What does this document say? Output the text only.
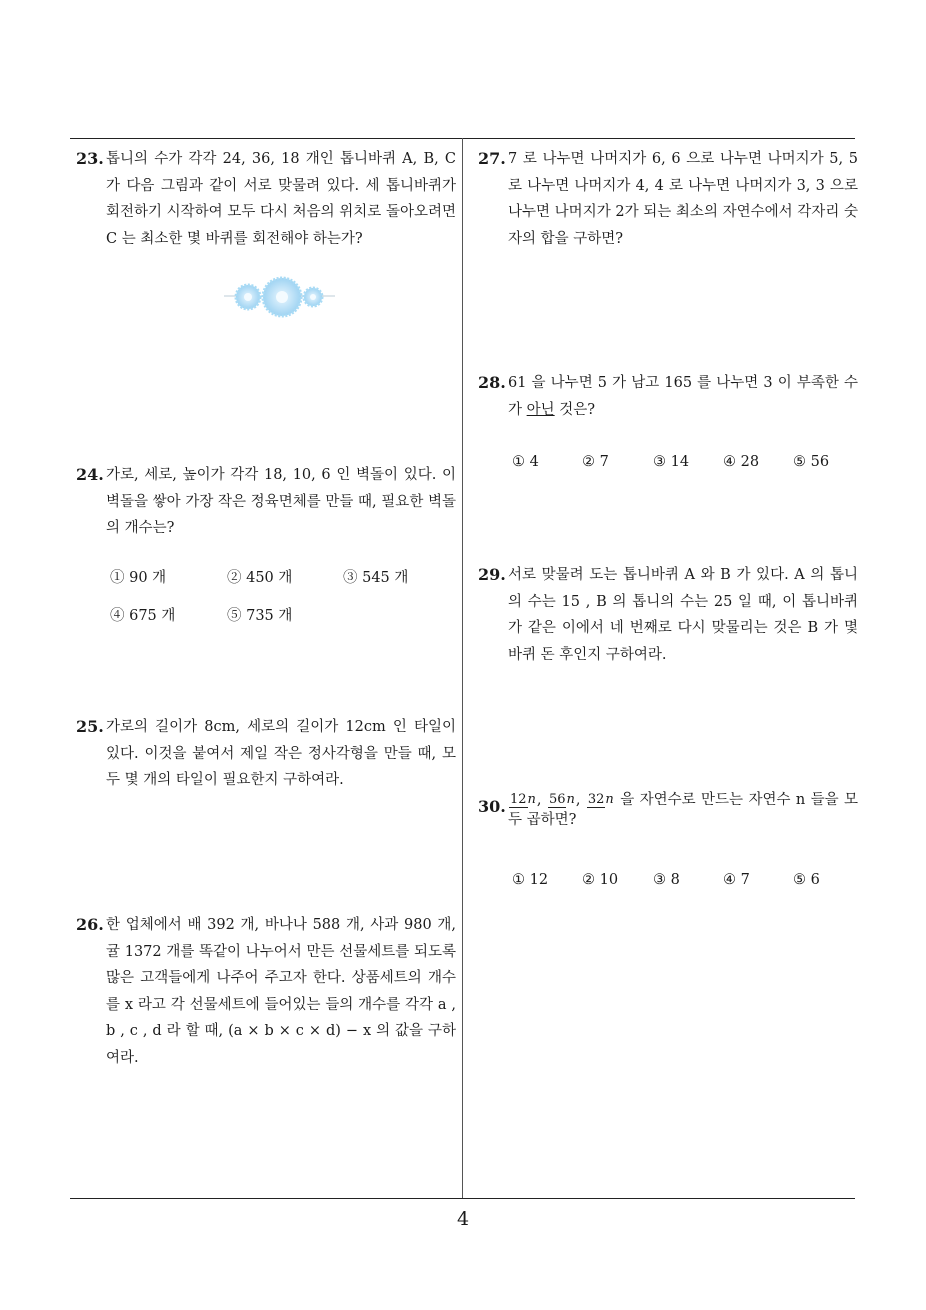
23. 톱니의 수가 각각 24, 36, 18 개인 톱니바퀴 A, B, C 가 다음 그림과 같이 서로 맞물려 있다. 세 톱니바퀴가 회전하기 시작하여 모두 다시 처음의 위치로 돌아오려면 C 는 최소한 몇 바퀴를 회전해야 하는가?
24. 가로, 세로, 높이가 각각 18, 10, 6 인 벽돌이 있다. 이 벽돌을 쌓아 가장 작은 정육면체를 만들 때, 필요한 벽돌의 개수는?
① 90 개	② 450 개	③ 545 개
④ 675 개	⑤ 735 개
25. 가로의 길이가 8cm, 세로의 길이가 12cm 인 타일이 있다. 이것을 붙여서 제일 작은 정사각형을 만들 때, 모두 몇 개의 타일이 필요한지 구하여라.
26. 한 업체에서 배 392 개, 바나나 588 개, 사과 980 개, 귤 1372 개를 똑같이 나누어서 만든 선물세트를 되도록 많은 고객들에게 나주어 주고자 한다. 상품세트의 개수를 x 라고 각 선물세트에 들어있는 들의 개수를 각각 a , b , c , d 라 할 때, (a × b × c × d) − x 의 값을 구하여라.
27. 7 로 나누면 나머지가 6, 6 으로 나누면 나머지가 5, 5 로 나누면 나머지가 4, 4 로 나누면 나머지가 3, 3 으로 나누면 나머지가 2가 되는 최소의 자연수에서 각자리 숫자의 합을 구하면?
28. 61 을 나누면 5 가 남고 165 를 나누면 3 이 부족한 수가 아닌 것은?
① 4	② 7	③ 14 ④ 28 ⑤ 56
29. 서로 맞물려 도는 톱니바퀴 A 와 B 가 있다. A 의 톱니의 수는 15 , B 의 톱니의 수는 25 일 때, 이 톱니바퀴가 같은 이에서 네 번째로 다시 맞물리는 것은 B 가 몇 바퀴 돈 후인지 구하여라.
30. 12n, 56n, 32n 을 자연수로 만드는 자연수 n 들을 모두 곱하면?
① 12 ② 10 ③ 8	④ 7	⑤ 6
4
